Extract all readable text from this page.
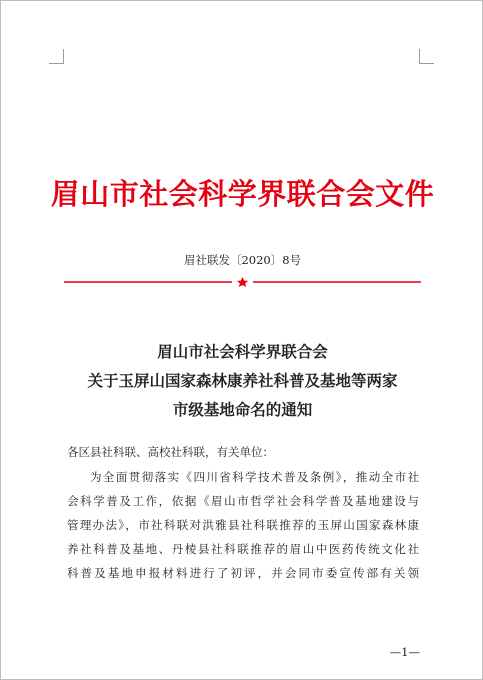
眉山市社会科学界联合会文件
眉社联发〔2020〕8号
眉山市社会科学界联合会
关于玉屏山国家森林康养社科普及基地等两家
市级基地命名的通知
各区县社科联、高校社科联，有关单位：
为全面贯彻落实《四川省科学技术普及条例》，推动全市社
会科学普及工作，依据《眉山市哲学社会科学普及基地建设与
管理办法》，市社科联对洪雅县社科联推荐的玉屏山国家森林康
养社科普及基地、丹棱县社科联推荐的眉山中医药传统文化社
科普及基地申报材料进行了初评，并会同市委宣传部有关领
—1—
